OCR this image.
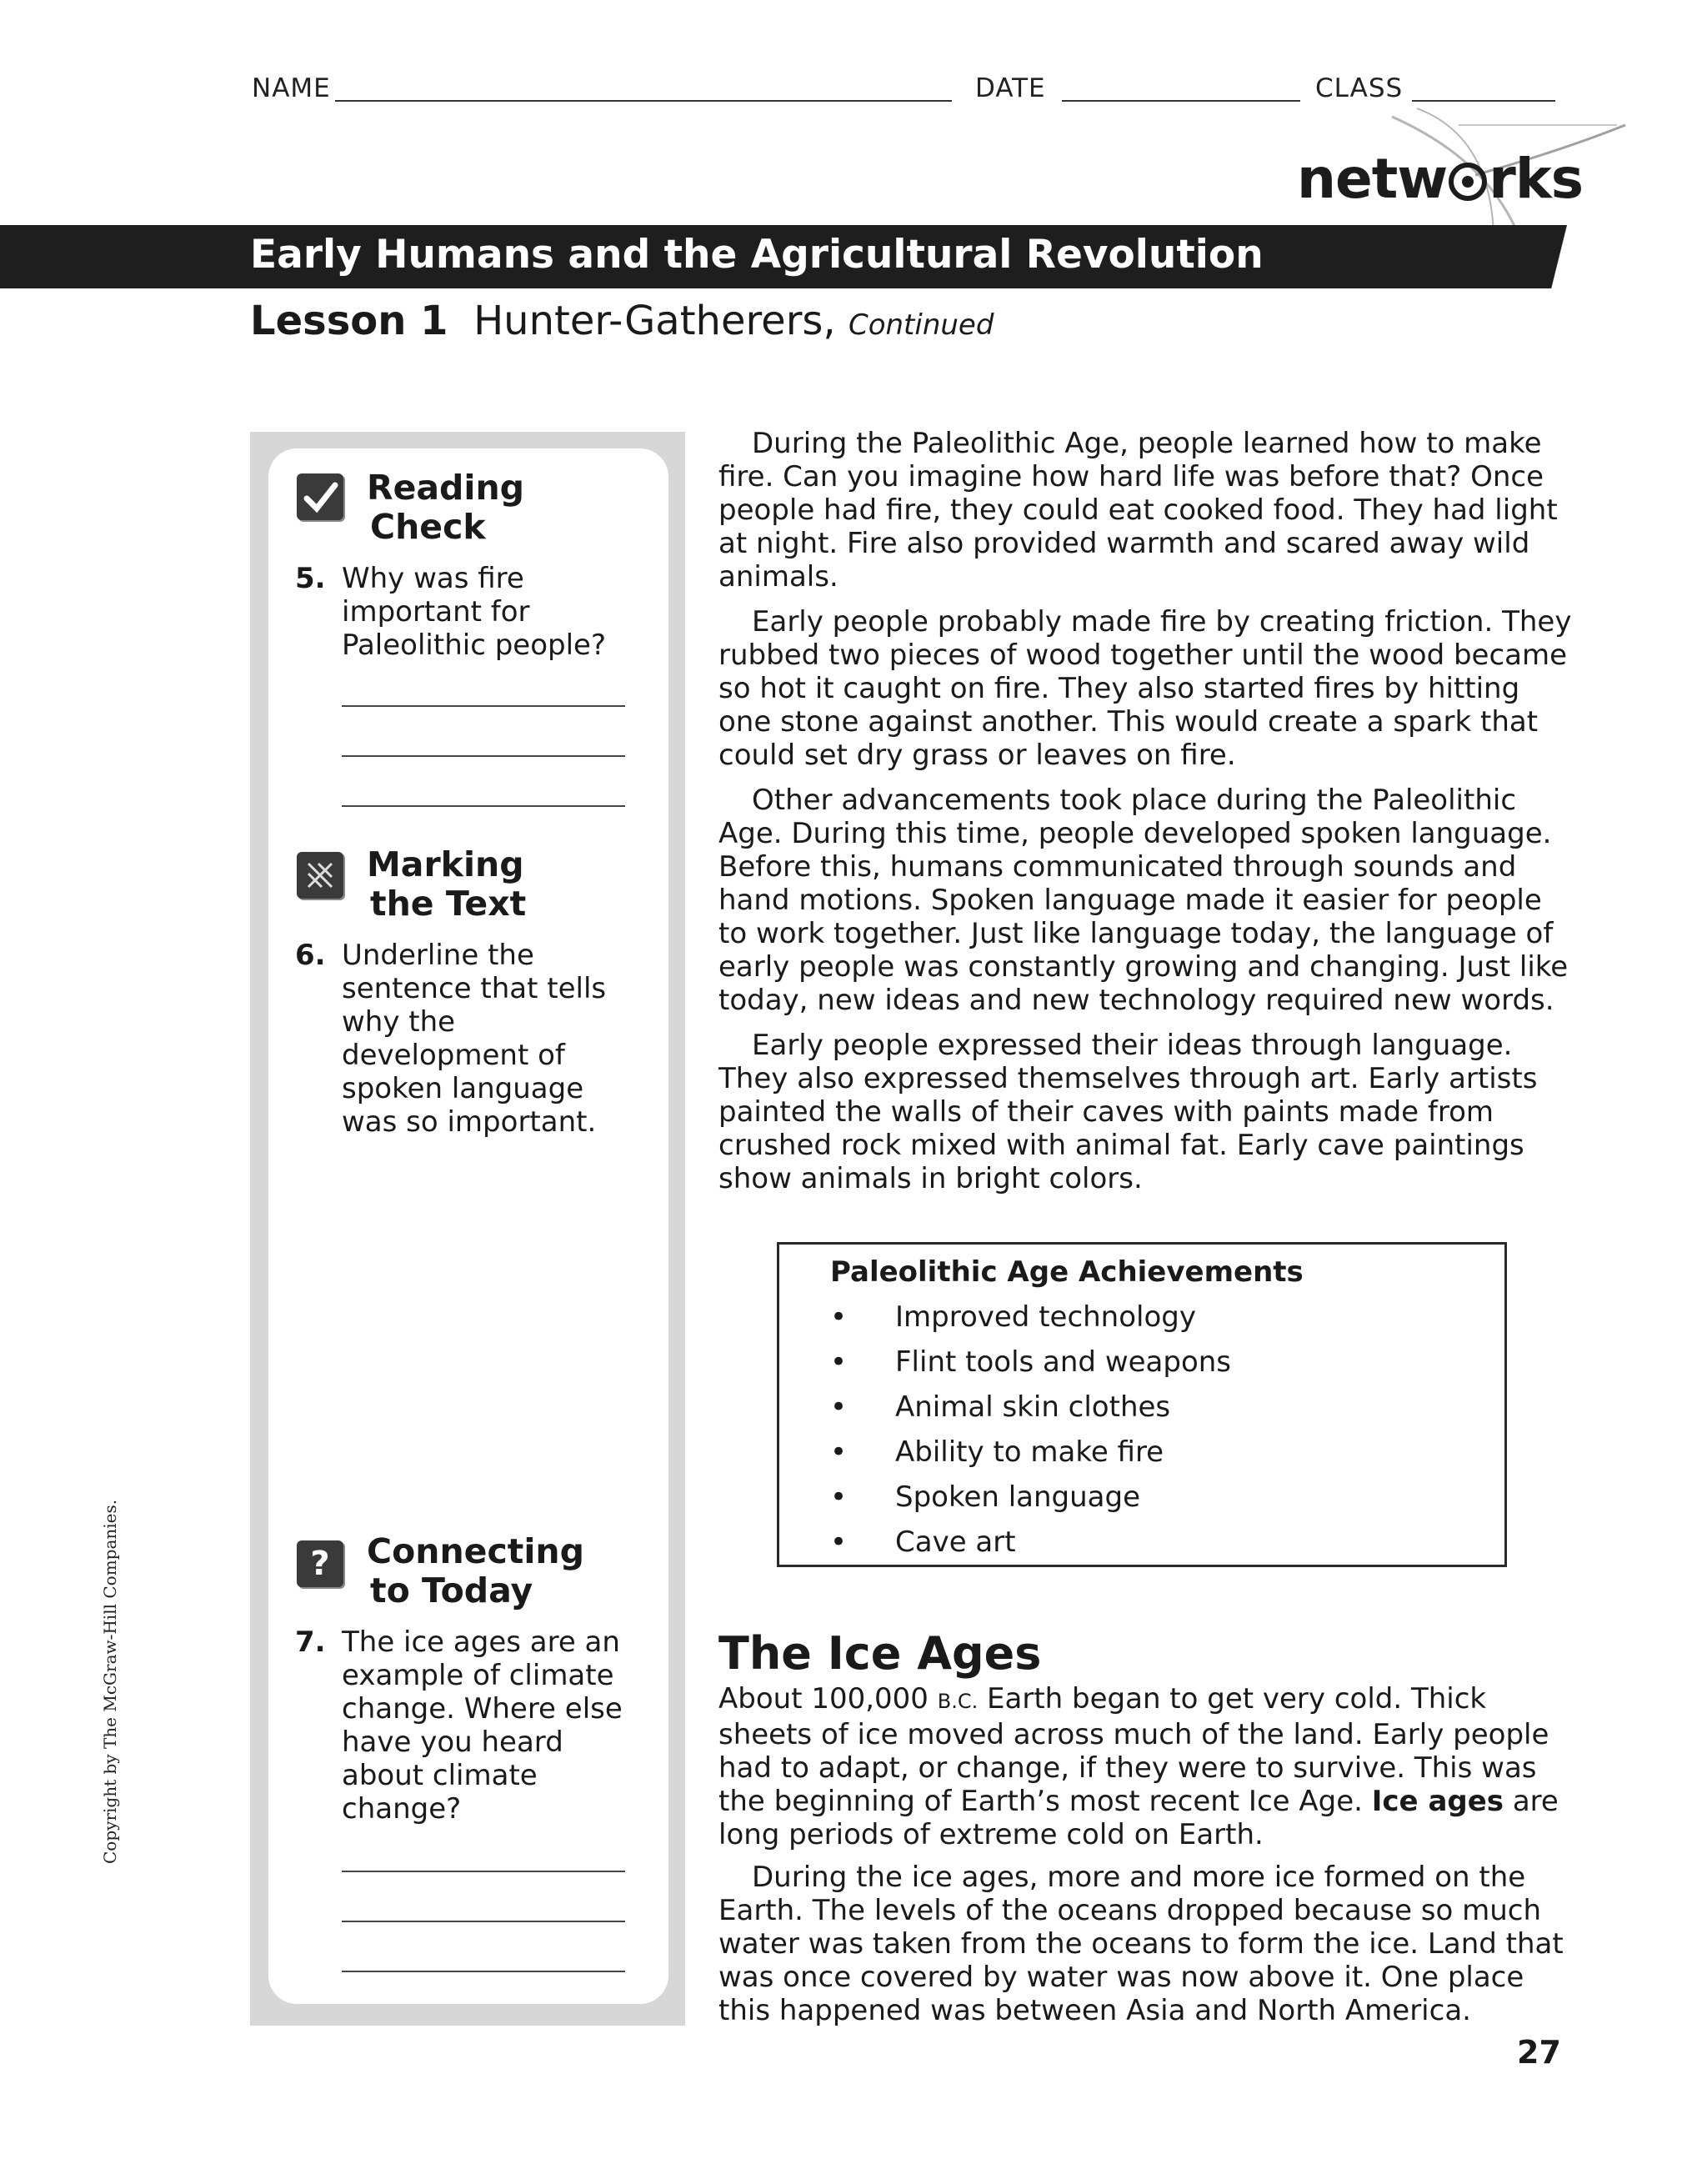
NAME	DATE	CLASS
netw rks
Early Humans and the Agricultural Revolution
Lesson 1 Hunter-Gatherers, Continued
Reading
Check
5. Why was fire important for Paleolithic people?
Marking
the Text
6. Underline the sentence that tells why the development of spoken language was so important.
?	Connecting
to Today
7. The ice ages are an example of climate change. Where else have you heard about climate change?
During the Paleolithic Age, people learned how to make fire. Can you imagine how hard life was before that? Once people had fire, they could eat cooked food. They had light at night. Fire also provided warmth and scared away wild animals.
Early people probably made fire by creating friction. They rubbed two pieces of wood together until the wood became so hot it caught on fire. They also started fires by hitting one stone against another. This would create a spark that could set dry grass or leaves on fire.
Other advancements took place during the Paleolithic Age. During this time, people developed spoken language. Before this, humans communicated through sounds and hand motions. Spoken language made it easier for people to work together. Just like language today, the language of early people was constantly growing and changing. Just like today, new ideas and new technology required new words.
Early people expressed their ideas through language. They also expressed themselves through art. Early artists painted the walls of their caves with paints made from crushed rock mixed with animal fat. Early cave paintings show animals in bright colors.
Paleolithic Age Achievements
• Improved technology
• Flint tools and weapons
• Animal skin clothes
• Ability to make fire
• Spoken language
• Cave art
The Ice Ages
About 100,000 B.C. Earth began to get very cold. Thick sheets of ice moved across much of the land. Early people had to adapt, or change, if they were to survive. This was the beginning of Earth’s most recent Ice Age. Ice ages are long periods of extreme cold on Earth.
During the ice ages, more and more ice formed on the Earth. The levels of the oceans dropped because so much water was taken from the oceans to form the ice. Land that was once covered by water was now above it. One place this happened was between Asia and North America.
27
Copyright by The McGraw-Hill Companies.
